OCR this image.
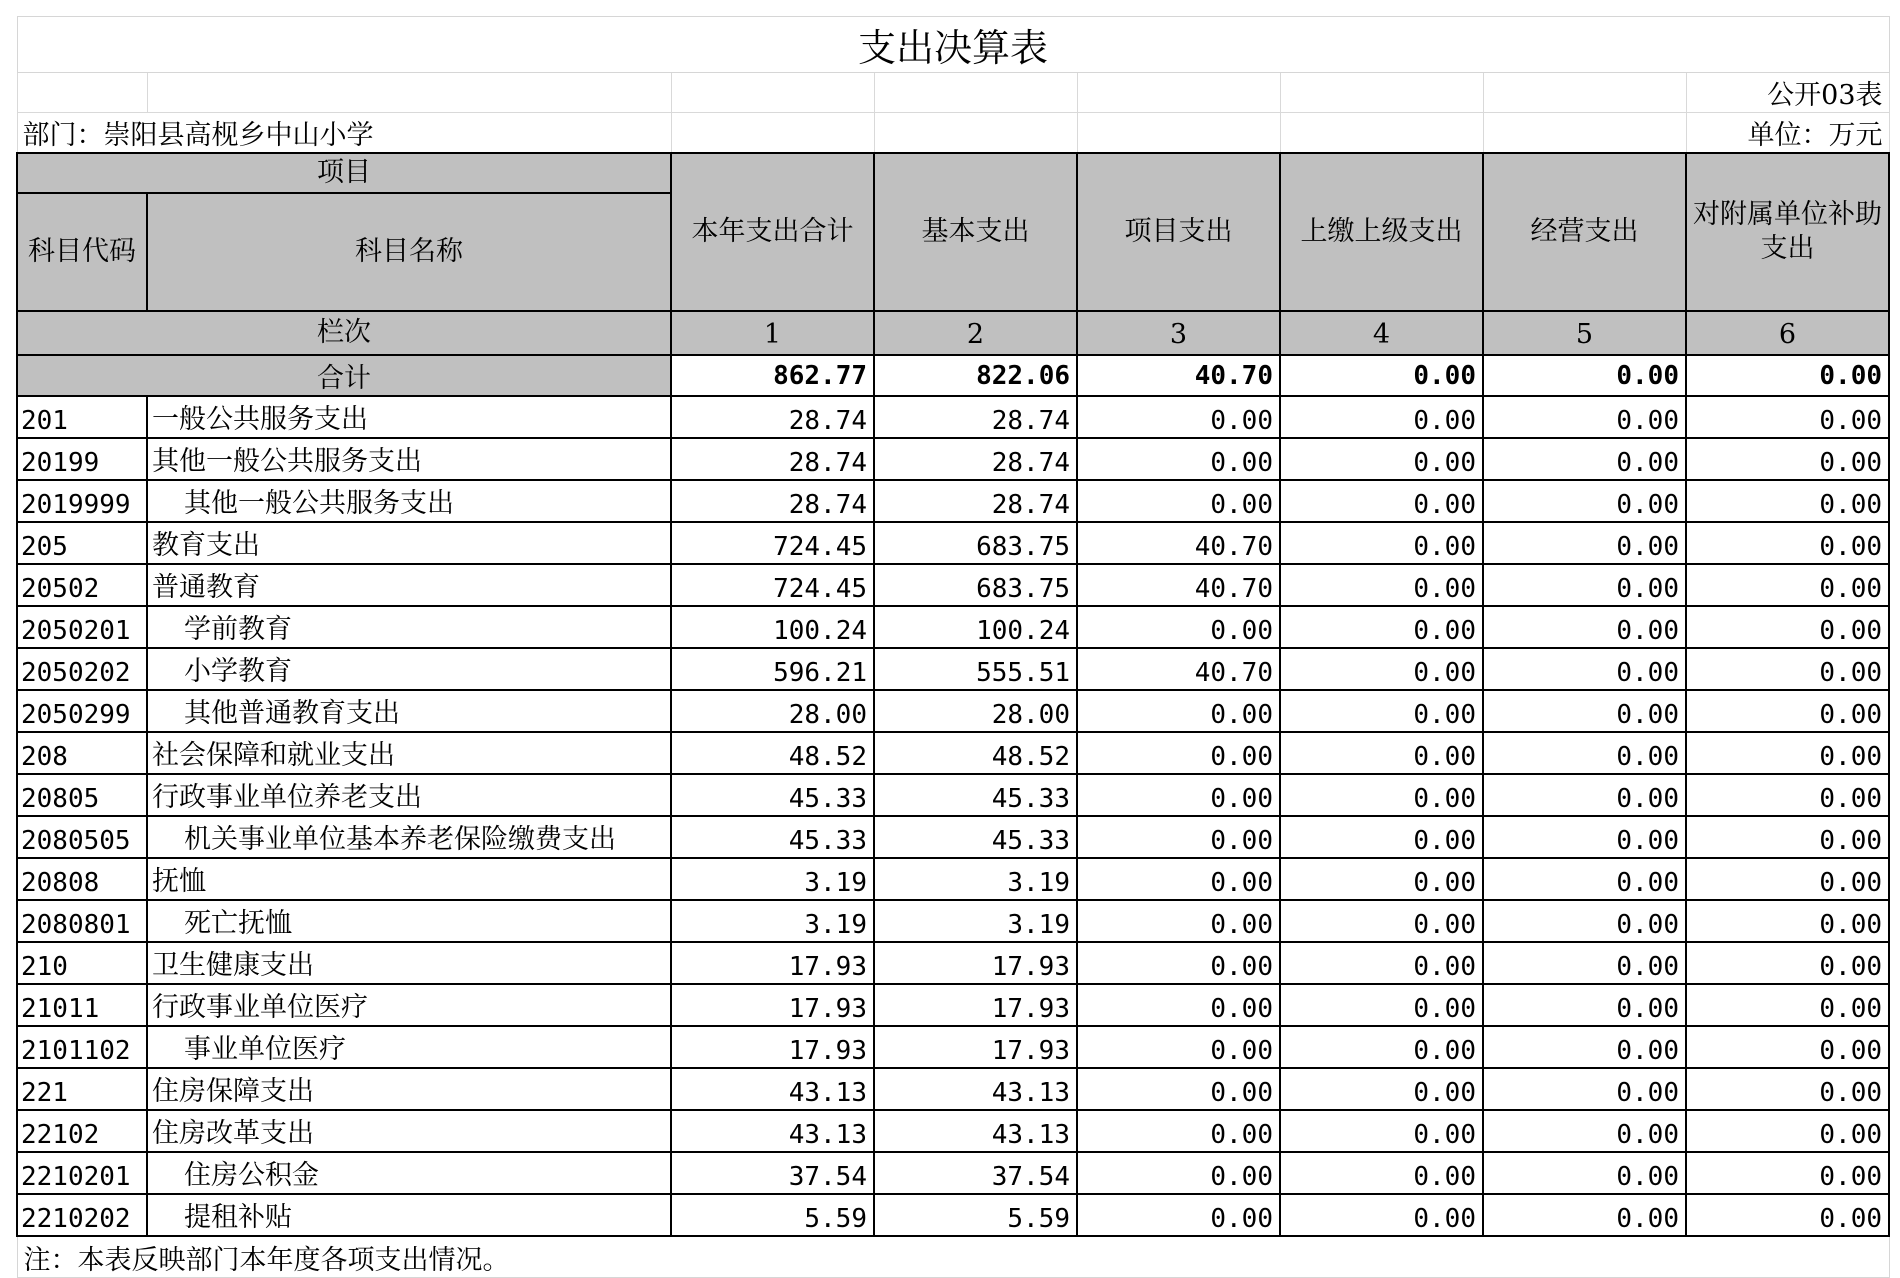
支出决算表							
							公开03表
部门：崇阳县高枧乡中山小学							单位：万元
项目		本年支出合计	基本支出	项目支出	上缴上级支出	经营支出	对附属单位补助支出
科目代码	科目名称						
栏次		1	2	3	4	5	6
合计		862.77	822.06	40.70	0.00	0.00	0.00
201	一般公共服务支出	28.74	28.74	0.00	0.00	0.00	0.00
20199	其他一般公共服务支出	28.74	28.74	0.00	0.00	0.00	0.00
2019999	其他一般公共服务支出	28.74	28.74	0.00	0.00	0.00	0.00
205	教育支出	724.45	683.75	40.70	0.00	0.00	0.00
20502	普通教育	724.45	683.75	40.70	0.00	0.00	0.00
2050201	学前教育	100.24	100.24	0.00	0.00	0.00	0.00
2050202	小学教育	596.21	555.51	40.70	0.00	0.00	0.00
2050299	其他普通教育支出	28.00	28.00	0.00	0.00	0.00	0.00
208	社会保障和就业支出	48.52	48.52	0.00	0.00	0.00	0.00
20805	行政事业单位养老支出	45.33	45.33	0.00	0.00	0.00	0.00
2080505	机关事业单位基本养老保险缴费支出	45.33	45.33	0.00	0.00	0.00	0.00
20808	抚恤	3.19	3.19	0.00	0.00	0.00	0.00
2080801	死亡抚恤	3.19	3.19	0.00	0.00	0.00	0.00
210	卫生健康支出	17.93	17.93	0.00	0.00	0.00	0.00
21011	行政事业单位医疗	17.93	17.93	0.00	0.00	0.00	0.00
2101102	事业单位医疗	17.93	17.93	0.00	0.00	0.00	0.00
221	住房保障支出	43.13	43.13	0.00	0.00	0.00	0.00
22102	住房改革支出	43.13	43.13	0.00	0.00	0.00	0.00
2210201	住房公积金	37.54	37.54	0.00	0.00	0.00	0.00
2210202	提租补贴	5.59	5.59	0.00	0.00	0.00	0.00
注：本表反映部门本年度各项支出情况。							
